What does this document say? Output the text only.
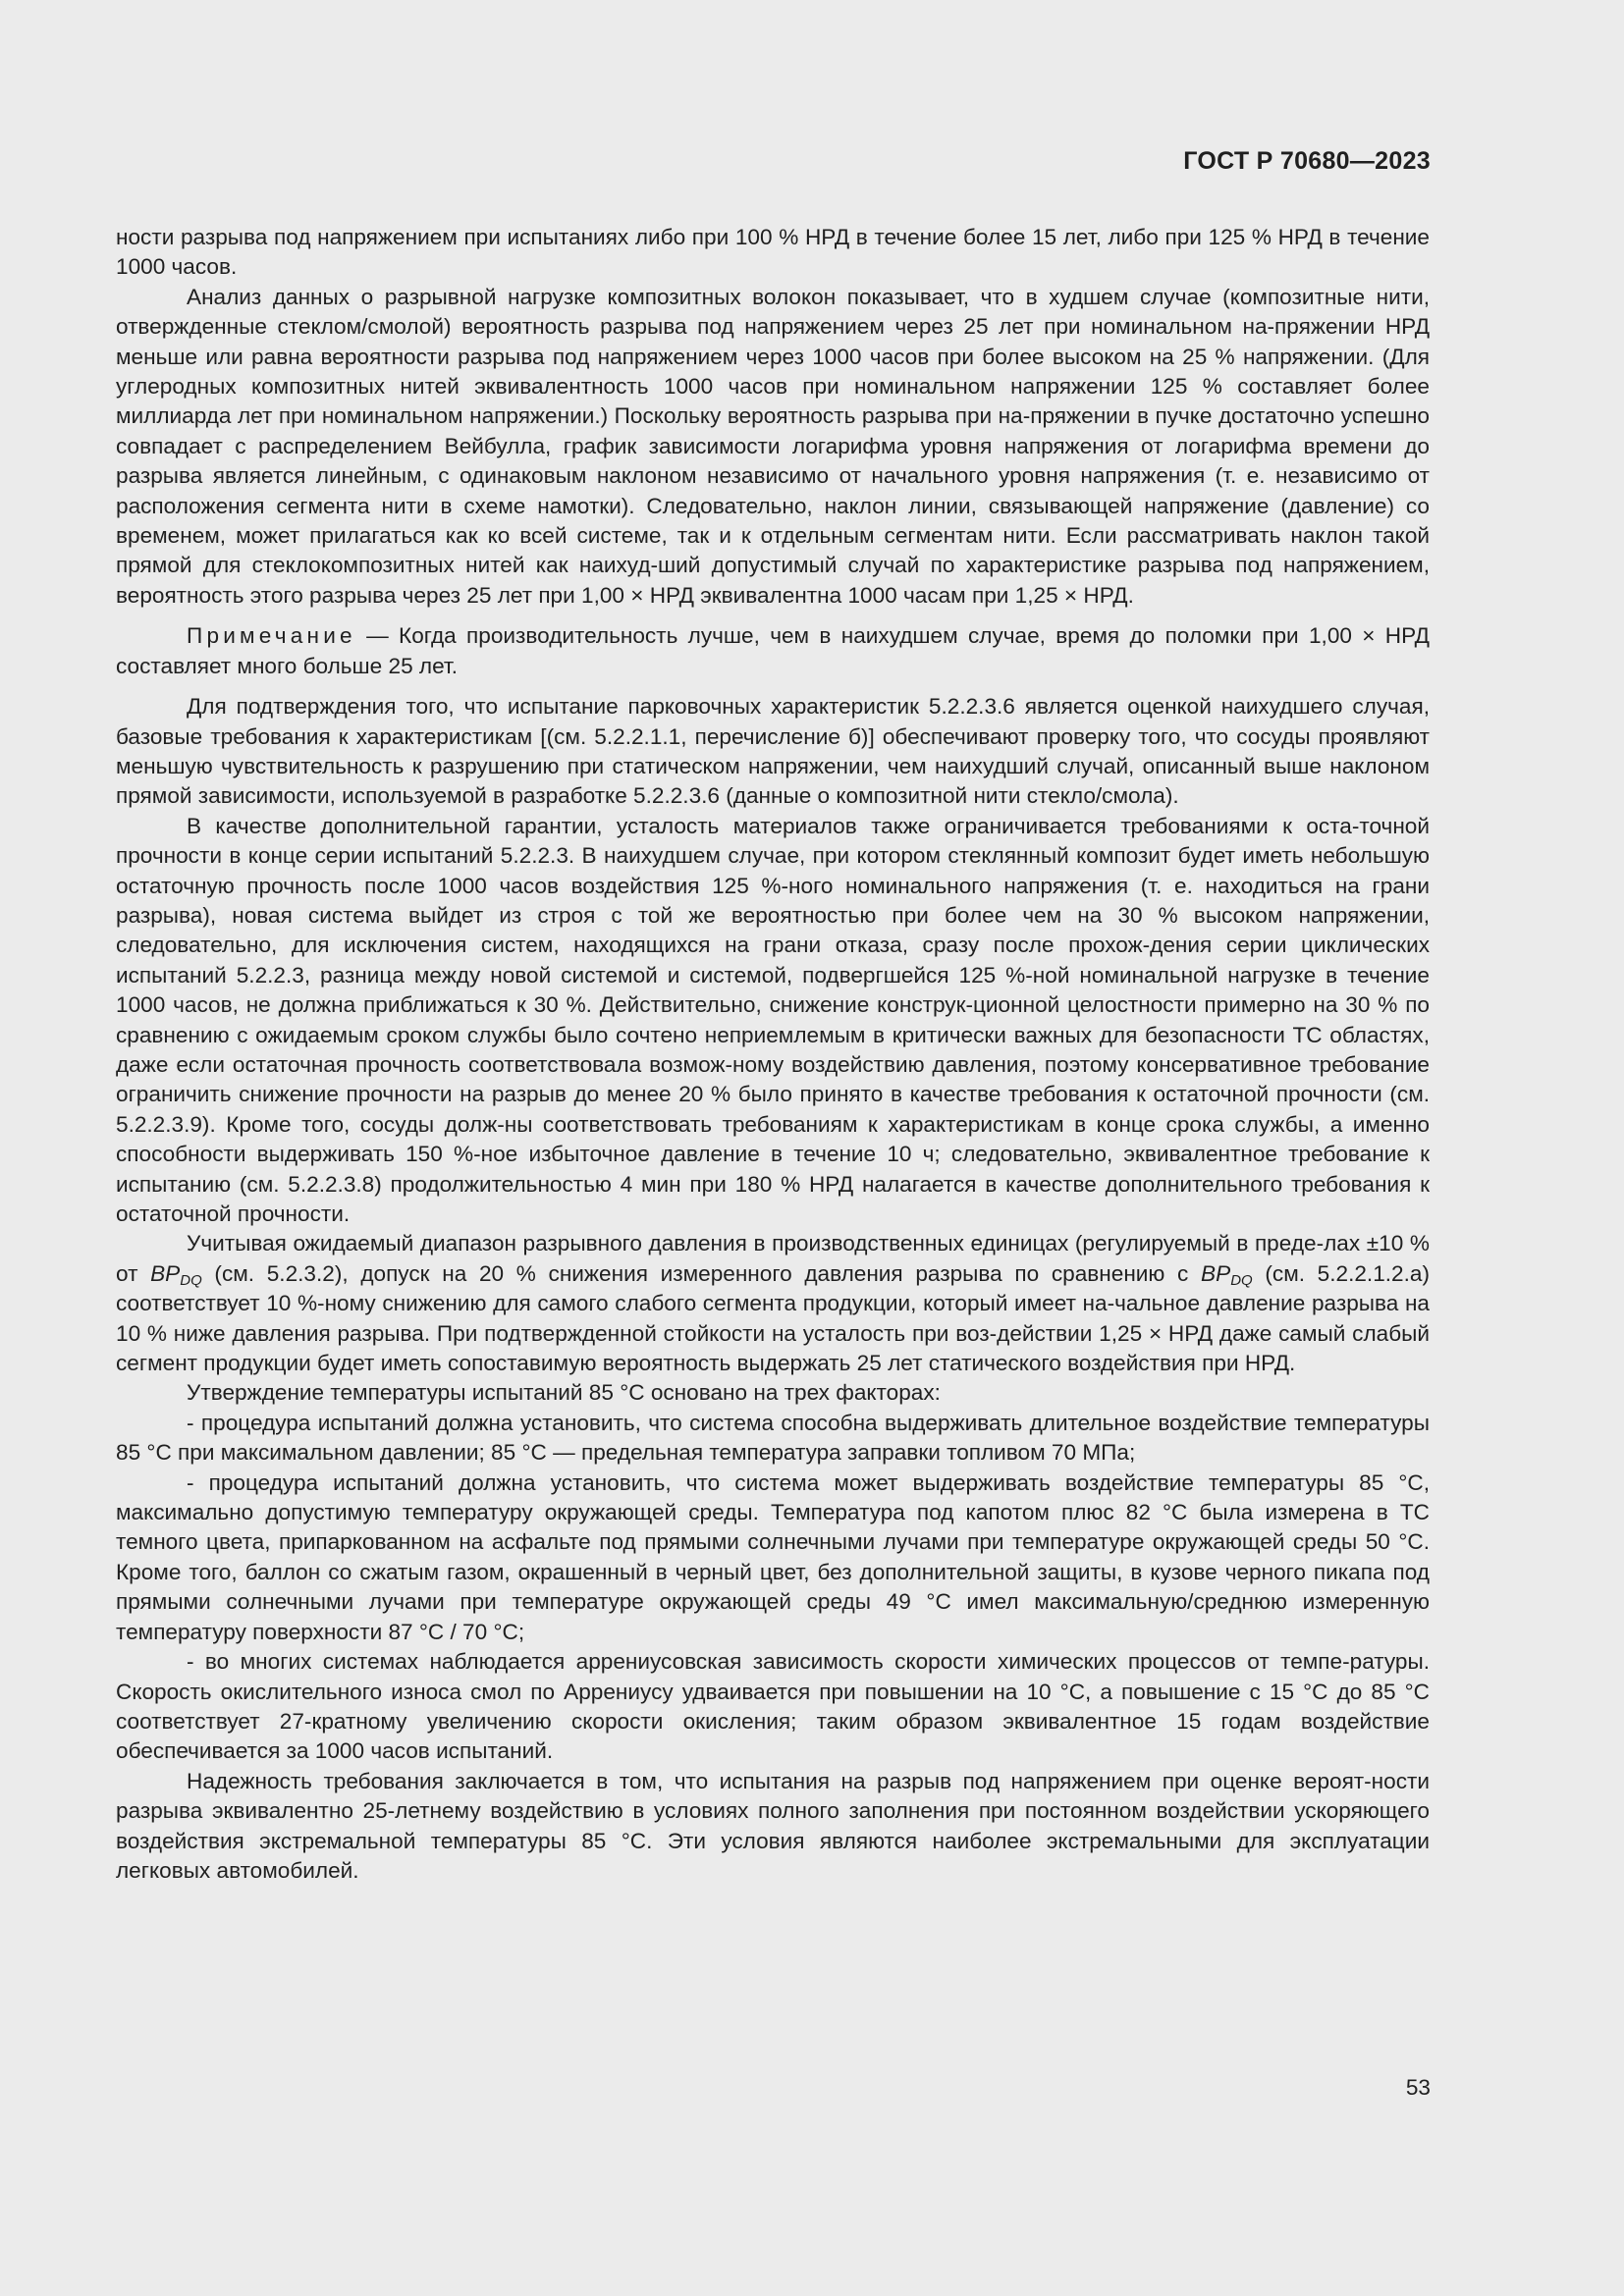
ГОСТ Р 70680—2023

ности разрыва под напряжением при испытаниях либо при 100 % НРД в течение более 15 лет, либо при 125 % НРД в течение 1000 часов.

Анализ данных о разрывной нагрузке композитных волокон показывает, что в худшем случае (композитные нити, отвержденные стеклом/смолой) вероятность разрыва под напряжением через 25 лет при номинальном на-пряжении НРД меньше или равна вероятности разрыва под напряжением через 1000 часов при более высоком на 25 % напряжении. (Для углеродных композитных нитей эквивалентность 1000 часов при номинальном напряжении 125 % составляет более миллиарда лет при номинальном напряжении.) Поскольку вероятность разрыва при на-пряжении в пучке достаточно успешно совпадает с распределением Вейбулла, график зависимости логарифма уровня напряжения от логарифма времени до разрыва является линейным, с одинаковым наклоном независимо от начального уровня напряжения (т. е. независимо от расположения сегмента нити в схеме намотки). Следовательно, наклон линии, связывающей напряжение (давление) со временем, может прилагаться как ко всей системе, так и к отдельным сегментам нити. Если рассматривать наклон такой прямой для стеклокомпозитных нитей как наихуд-ший допустимый случай по характеристике разрыва под напряжением, вероятность этого разрыва через 25 лет при 1,00 × НРД эквивалентна 1000 часам при 1,25 × НРД.

Примечание — Когда производительность лучше, чем в наихудшем случае, время до поломки при 1,00 × НРД составляет много больше 25 лет.

Для подтверждения того, что испытание парковочных характеристик 5.2.2.3.6 является оценкой наихудшего случая, базовые требования к характеристикам [(см. 5.2.2.1.1, перечисление б)] обеспечивают проверку того, что сосуды проявляют меньшую чувствительность к разрушению при статическом напряжении, чем наихудший случай, описанный выше наклоном прямой зависимости, используемой в разработке 5.2.2.3.6 (данные о композитной нити стекло/смола).

В качестве дополнительной гарантии, усталость материалов также ограничивается требованиями к оста-точной прочности в конце серии испытаний 5.2.2.3. В наихудшем случае, при котором стеклянный композит будет иметь небольшую остаточную прочность после 1000 часов воздействия 125 %-ного номинального напряжения (т. е. находиться на грани разрыва), новая система выйдет из строя с той же вероятностью при более чем на 30 % высоком напряжении, следовательно, для исключения систем, находящихся на грани отказа, сразу после прохож-дения серии циклических испытаний 5.2.2.3, разница между новой системой и системой, подвергшейся 125 %-ной номинальной нагрузке в течение 1000 часов, не должна приближаться к 30 %. Действительно, снижение конструк-ционной целостности примерно на 30 % по сравнению с ожидаемым сроком службы было сочтено неприемлемым в критически важных для безопасности ТС областях, даже если остаточная прочность соответствовала возмож-ному воздействию давления, поэтому консервативное требование ограничить снижение прочности на разрыв до менее 20 % было принято в качестве требования к остаточной прочности (см. 5.2.2.3.9). Кроме того, сосуды долж-ны соответствовать требованиям к характеристикам в конце срока службы, а именно способности выдерживать 150 %-ное избыточное давление в течение 10 ч; следовательно, эквивалентное требование к испытанию (см. 5.2.2.3.8) продолжительностью 4 мин при 180 % НРД налагается в качестве дополнительного требования к остаточной прочности.

Учитывая ожидаемый диапазон разрывного давления в производственных единицах (регулируемый в преде-лах ±10 % от $BP_{DQ}$ (см. 5.2.3.2), допуск на 20 % снижения измеренного давления разрыва по сравнению с $BP_{DQ}$ (см. 5.2.2.1.2.а) соответствует 10 %-ному снижению для самого слабого сегмента продукции, который имеет на-чальное давление разрыва на 10 % ниже давления разрыва. При подтвержденной стойкости на усталость при воз-действии 1,25 × НРД даже самый слабый сегмент продукции будет иметь сопоставимую вероятность выдержать 25 лет статического воздействия при НРД.

Утверждение температуры испытаний 85 °С основано на трех факторах:

- процедура испытаний должна установить, что система способна выдерживать длительное воздействие температуры 85 °С при максимальном давлении; 85 °С — предельная температура заправки топливом 70 МПа;

- процедура испытаний должна установить, что система может выдерживать воздействие температуры 85 °С, максимально допустимую температуру окружающей среды. Температура под капотом плюс 82 °С была измерена в ТС темного цвета, припаркованном на асфальте под прямыми солнечными лучами при температуре окружающей среды 50 °С. Кроме того, баллон со сжатым газом, окрашенный в черный цвет, без дополнительной защиты, в кузове черного пикапа под прямыми солнечными лучами при температуре окружающей среды 49 °С имел максимальную/среднюю измеренную температуру поверхности 87 °С / 70 °С;

- во многих системах наблюдается аррениусовская зависимость скорости химических процессов от темпе-ратуры. Скорость окислительного износа смол по Аррениусу удваивается при повышении на 10 °С, а повышение с 15 °С до 85 °С соответствует 27-кратному увеличению скорости окисления; таким образом эквивалентное 15 годам воздействие обеспечивается за 1000 часов испытаний.

Надежность требования заключается в том, что испытания на разрыв под напряжением при оценке вероят-ности разрыва эквивалентно 25-летнему воздействию в условиях полного заполнения при постоянном воздействии ускоряющего воздействия экстремальной температуры 85 °С. Эти условия являются наиболее экстремальными для эксплуатации легковых автомобилей.

53
